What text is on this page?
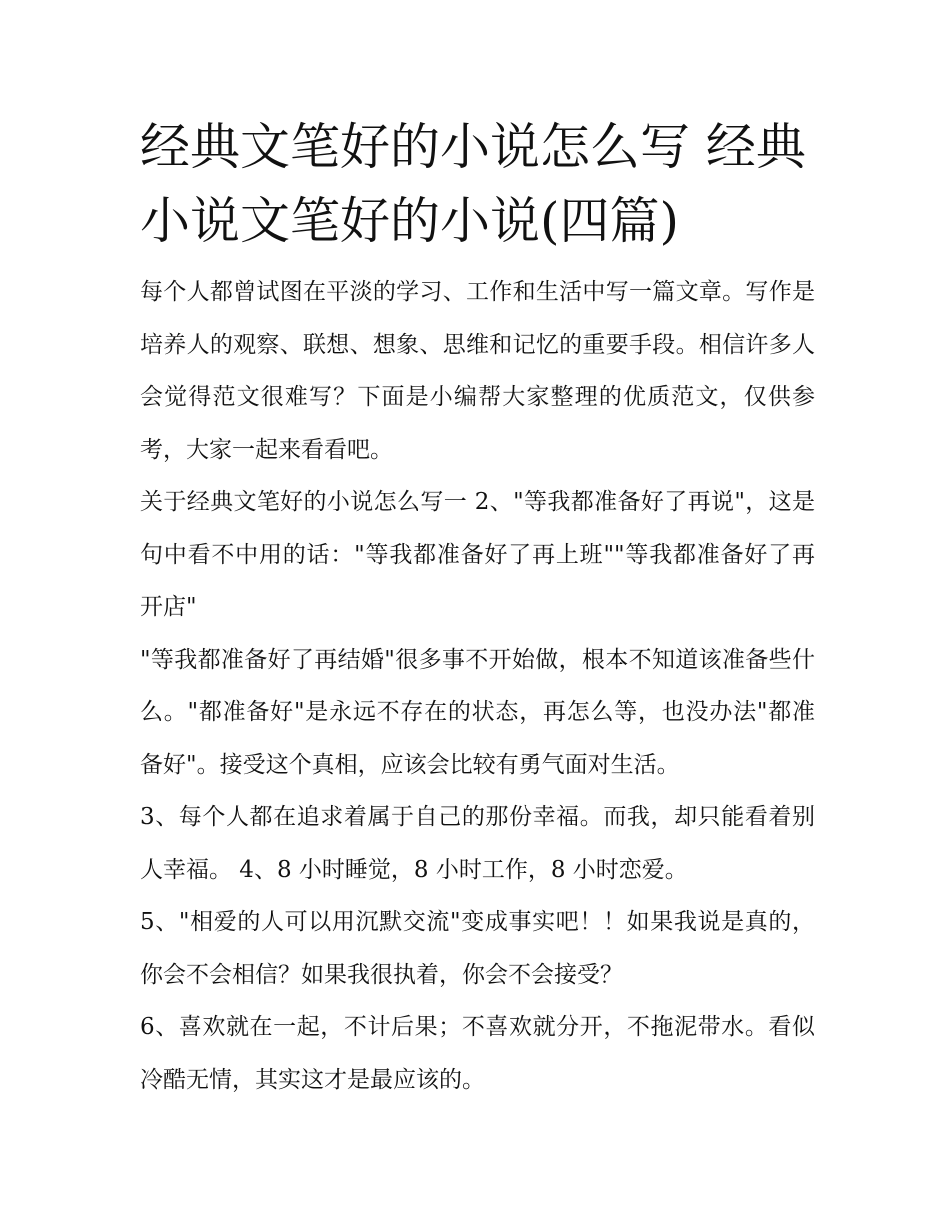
经典文笔好的小说怎么写 经典小说文笔好的小说(四篇)

每个人都曾试图在平淡的学习、工作和生活中写一篇文章。写作是培养人的观察、联想、想象、思维和记忆的重要手段。相信许多人会觉得范文很难写？下面是小编帮大家整理的优质范文，仅供参考，大家一起来看看吧。

关于经典文笔好的小说怎么写一 2、"等我都准备好了再说"，这是句中看不中用的话："等我都准备好了再上班""等我都准备好了再开店"

"等我都准备好了再结婚"很多事不开始做，根本不知道该准备些什么。"都准备好"是永远不存在的状态，再怎么等，也没办法"都准备好"。接受这个真相，应该会比较有勇气面对生活。

3、每个人都在追求着属于自己的那份幸福。而我，却只能看着别人幸福。 4、8 小时睡觉，8 小时工作，8 小时恋爱。

5、"相爱的人可以用沉默交流"变成事实吧！！如果我说是真的，你会不会相信？如果我很执着，你会不会接受？

6、喜欢就在一起，不计后果；不喜欢就分开，不拖泥带水。看似冷酷无情，其实这才是最应该的。
